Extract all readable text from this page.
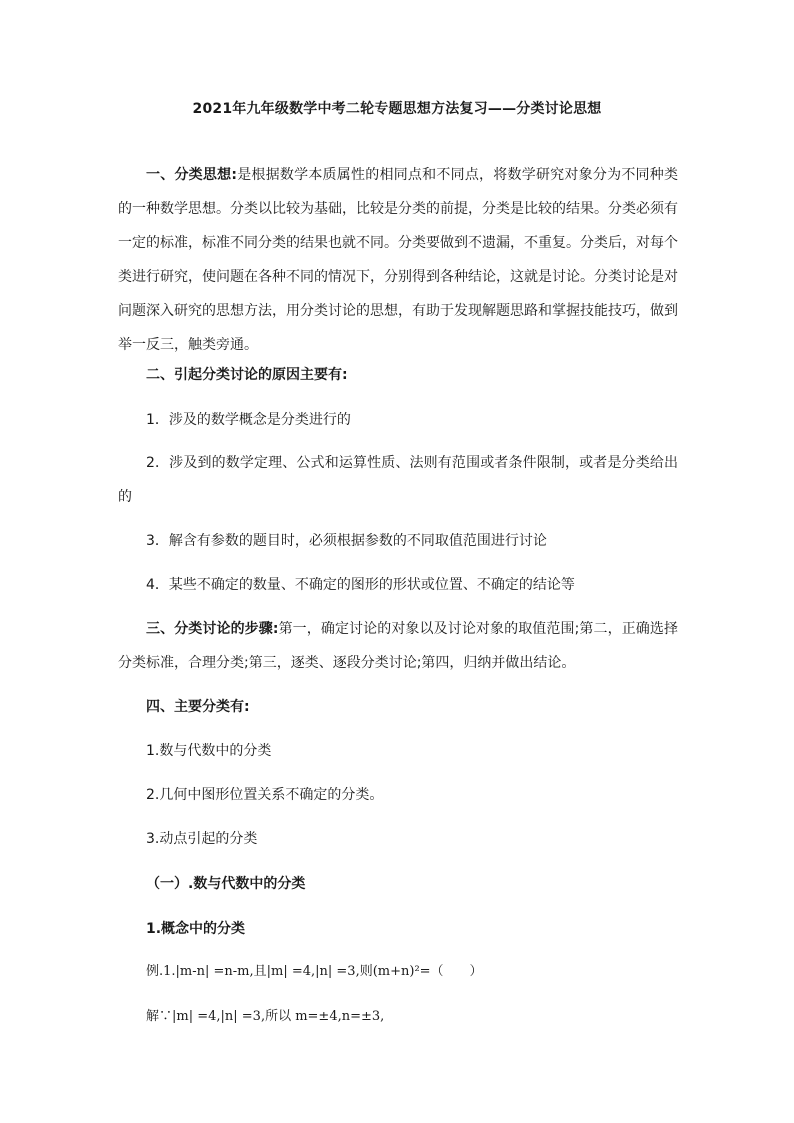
2021年九年级数学中考二轮专题思想方法复习——分类讨论思想
一、分类思想:是根据数学本质属性的相同点和不同点，将数学研究对象分为不同种类的一种数学思想。分类以比较为基础，比较是分类的前提，分类是比较的结果。分类必须有一定的标准，标准不同分类的结果也就不同。分类要做到不遗漏，不重复。分类后，对每个类进行研究，使问题在各种不同的情况下，分别得到各种结论，这就是讨论。分类讨论是对问题深入研究的思想方法，用分类讨论的思想，有助于发现解题思路和掌握技能技巧，做到举一反三，触类旁通。
二、引起分类讨论的原因主要有:
1．涉及的数学概念是分类进行的
2．涉及到的数学定理、公式和运算性质、法则有范围或者条件限制，或者是分类给出的
3．解含有参数的题目时，必须根据参数的不同取值范围进行讨论
4．某些不确定的数量、不确定的图形的形状或位置、不确定的结论等
三、分类讨论的步骤:第一，确定讨论的对象以及讨论对象的取值范围;第二，正确选择分类标准，合理分类;第三，逐类、逐段分类讨论;第四，归纳并做出结论。
四、主要分类有:
1.数与代数中的分类
2.几何中图形位置关系不确定的分类。
3.动点引起的分类
（一）.数与代数中的分类
1.概念中的分类
例.1.|m-n| =n-m,且|m| =4,|n| =3,则(m+n)²=（　　）
解∵|m| =4,|n| =3,所以 m=±4,n=±3,
